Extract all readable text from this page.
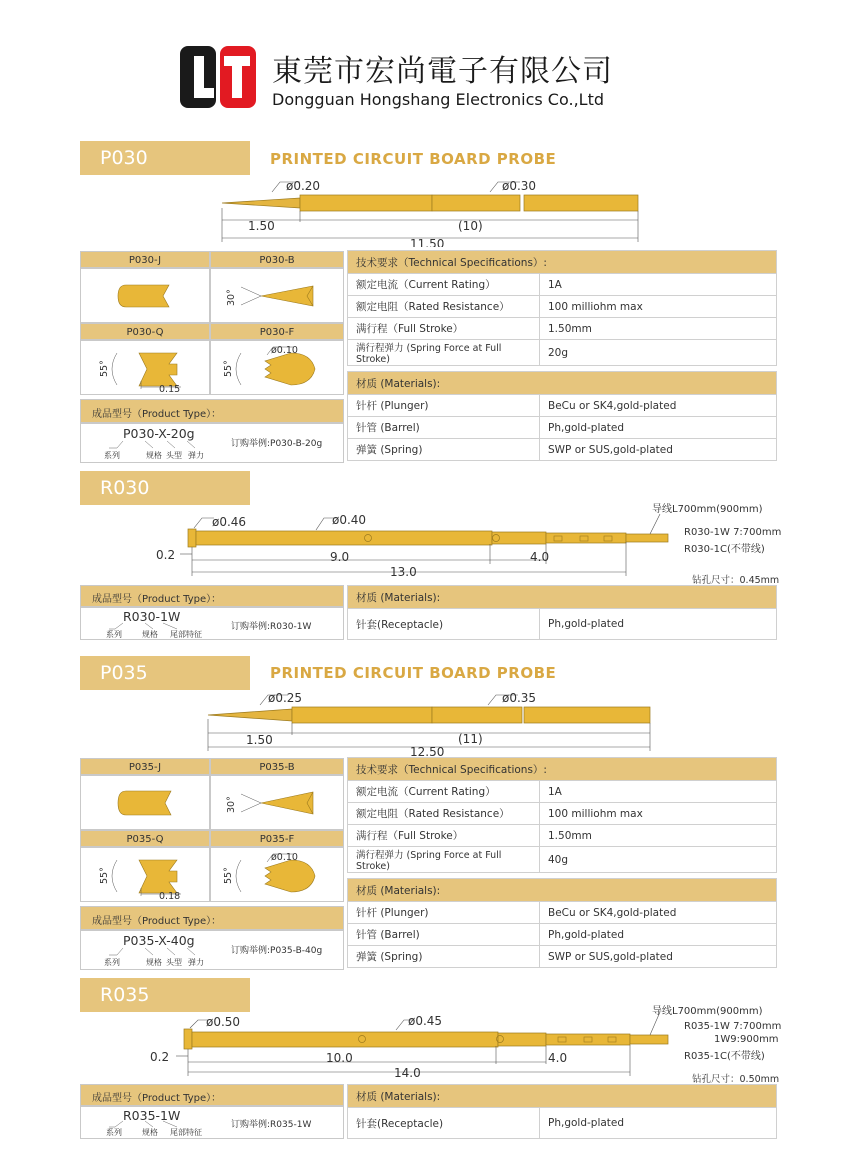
東莞市宏尚電子有限公司
Dongguan Hongshang Electronics Co.,Ltd
P030	PRINTED CIRCUIT BOARD PROBE
ø0.20	ø0.30
1.50	(10)
11.50
P030-J	P030-B
30°
P030-Q	P030-F
0.15
55°
ø0.10
55°
成品型号（Product Type）：
P030-X-20g
系列	规格 头型 弹力
订购举例:P030-B-20g
技术要求（Technical Specifications）:	
额定电流（Current Rating）	1A
额定电阻（Rated Resistance）	100 milliohm max
满行程（Full Stroke）	1.50mm
满行程弹力 (Spring Force at Full Stroke)	20g
材质 (Materials):	
针杆 (Plunger)	BeCu or SK4,gold-plated
针管 (Barrel)	Ph,gold-plated
弹簧 (Spring)	SWP or SUS,gold-plated
R030
ø0.46	ø0.40
0.2	9.0	4.0
13.0
导线L700mm(900mm)
R030-1W 7:700mm
R030-1C(不带线)
钻孔尺寸：0.45mm
成品型号（Product Type）：
R030-1W
系列	规格 尾部特征
订购举例:R030-1W
材质 (Materials):
针套(Receptacle)	Ph,gold-plated
P035	PRINTED CIRCUIT BOARD PROBE
ø0.25	ø0.35
1.50	(11)
12.50
P035-J	P035-B
30°
P035-Q	P035-F
0.18
55°
ø0.10
55°
成品型号（Product Type）：
P035-X-40g
系列	规格 头型 弹力
订购举例:P035-B-40g
技术要求（Technical Specifications）:	
额定电流（Current Rating）	1A
额定电阻（Rated Resistance）	100 milliohm max
满行程（Full Stroke）	1.50mm
满行程弹力 (Spring Force at Full Stroke)	40g
材质 (Materials):	
针杆 (Plunger)	BeCu or SK4,gold-plated
针管 (Barrel)	Ph,gold-plated
弹簧 (Spring)	SWP or SUS,gold-plated
R035
ø0.50	ø0.45
0.2	10.0	4.0
14.0
导线L700mm(900mm)
R035-1W 7:700mm
1W9:900mm
R035-1C(不带线)
钻孔尺寸：0.50mm
成品型号（Product Type）：
R035-1W
系列	规格 尾部特征
订购举例:R035-1W
材质 (Materials):
针套(Receptacle)	Ph,gold-plated
